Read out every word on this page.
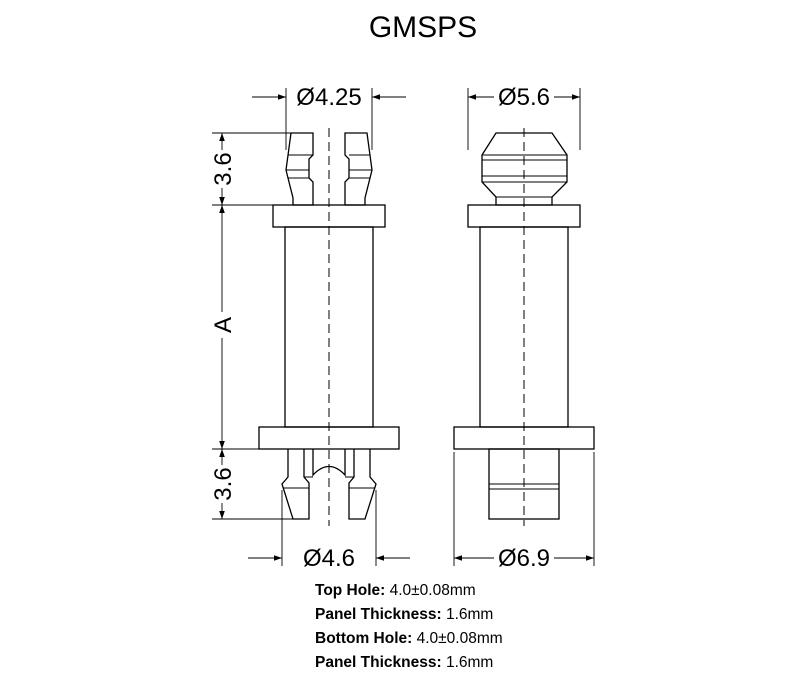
GMSPS
Ø4.25	Ø5.6
Ø4.6	Ø6.9
3.6
A
3.6
Top Hole: 4.0±0.08mm
Panel Thickness: 1.6mm
Bottom Hole: 4.0±0.08mm
Panel Thickness: 1.6mm
